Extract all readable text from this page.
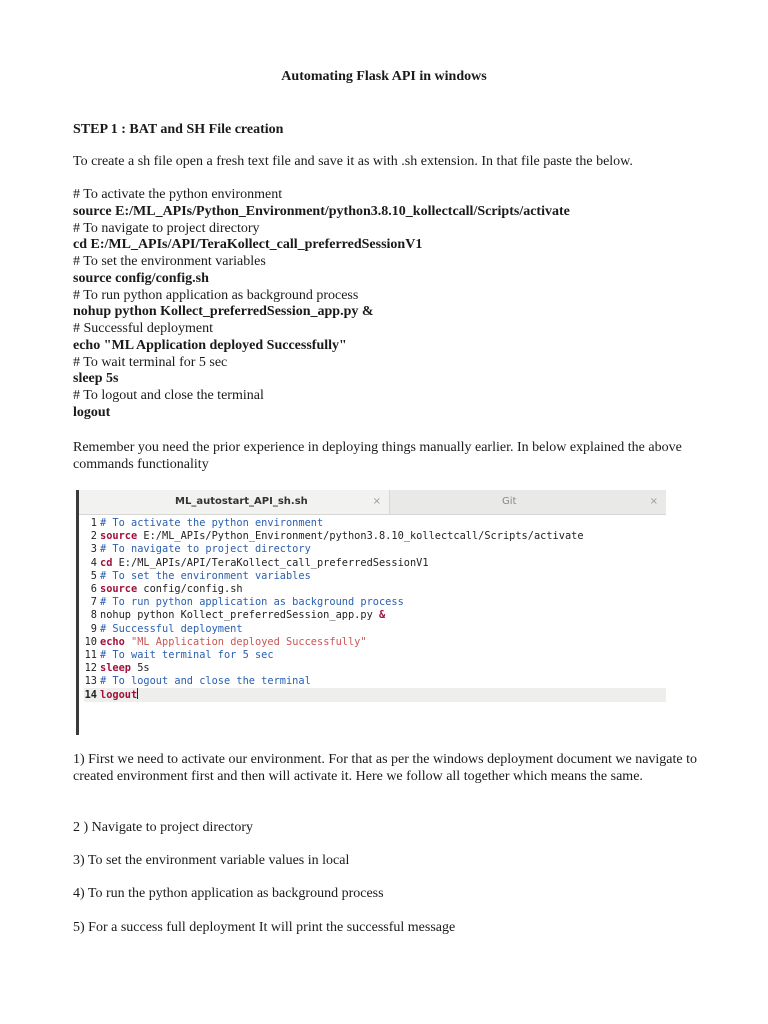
Automating Flask API in windows
STEP 1 : BAT and SH File creation
To create a sh file open a fresh text file and save it as with .sh extension. In that file paste the below.
# To activate the python environment
source E:/ML_APIs/Python_Environment/python3.8.10_kollectcall/Scripts/activate
# To navigate to project directory
cd E:/ML_APIs/API/TeraKollect_call_preferredSessionV1
# To set the environment variables
source config/config.sh
# To run python application as background process
nohup python Kollect_preferredSession_app.py &
# Successful deployment
echo "ML Application deployed Successfully"
# To wait terminal for 5 sec
sleep 5s
# To logout and close the terminal
logout
Remember you need the prior experience in deploying things manually earlier. In below explained the above commands functionality
ML_autostart_API_sh.sh	×	Git	×
1 # To activate the python environment
2 source E:/ML_APIs/Python_Environment/python3.8.10_kollectcall/Scripts/activate
3 # To navigate to project directory
4 cd E:/ML_APIs/API/TeraKollect_call_preferredSessionV1
5 # To set the environment variables
6 source config/config.sh
7 # To run python application as background process
8 nohup python Kollect_preferredSession_app.py &
9 # Successful deployment
10 echo "ML Application deployed Successfully"
11 # To wait terminal for 5 sec
12 sleep 5s
13 # To logout and close the terminal
14 logout
1) First we need to activate our environment. For that as per the windows deployment document we navigate to created environment first and then will activate it. Here we follow all together which means the same.
2 ) Navigate to project directory
3) To set the environment variable values in local
4) To run the python application as background process
5) For a success full deployment It will print the successful message
